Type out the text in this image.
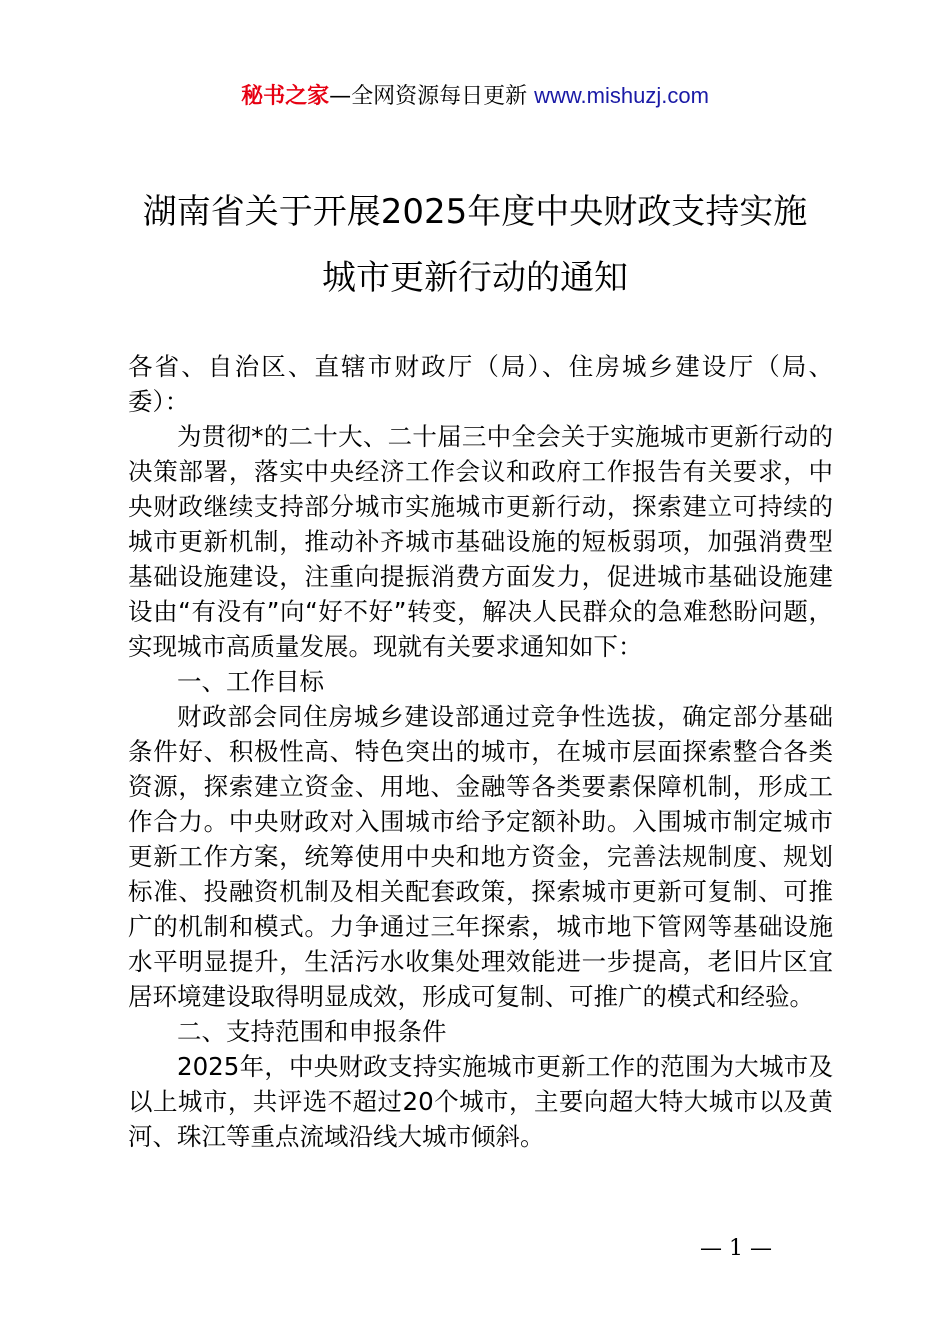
秘书之家—全网资源每日更新 www.mishuzj.com
湖南省关于开展2025年度中央财政支持实施
城市更新行动的通知

各省、自治区、直辖市财政厅（局）、住房城乡建设厅（局、委）：

为贯彻*的二十大、二十届三中全会关于实施城市更新行动的决策部署，落实中央经济工作会议和政府工作报告有关要求，中央财政继续支持部分城市实施城市更新行动，探索建立可持续的城市更新机制，推动补齐城市基础设施的短板弱项，加强消费型基础设施建设，注重向提振消费方面发力，促进城市基础设施建设由“有没有”向“好不好”转变，解决人民群众的急难愁盼问题，实现城市高质量发展。现就有关要求通知如下：

一、工作目标

财政部会同住房城乡建设部通过竞争性选拔，确定部分基础条件好、积极性高、特色突出的城市，在城市层面探索整合各类资源，探索建立资金、用地、金融等各类要素保障机制，形成工作合力。中央财政对入围城市给予定额补助。入围城市制定城市更新工作方案，统筹使用中央和地方资金，完善法规制度、规划标准、投融资机制及相关配套政策，探索城市更新可复制、可推广的机制和模式。力争通过三年探索，城市地下管网等基础设施水平明显提升，生活污水收集处理效能进一步提高，老旧片区宜居环境建设取得明显成效，形成可复制、可推广的模式和经验。

二、支持范围和申报条件

2025年，中央财政支持实施城市更新工作的范围为大城市及以上城市，共评选不超过20个城市，主要向超大特大城市以及黄河、珠江等重点流域沿线大城市倾斜。

— 1 —
